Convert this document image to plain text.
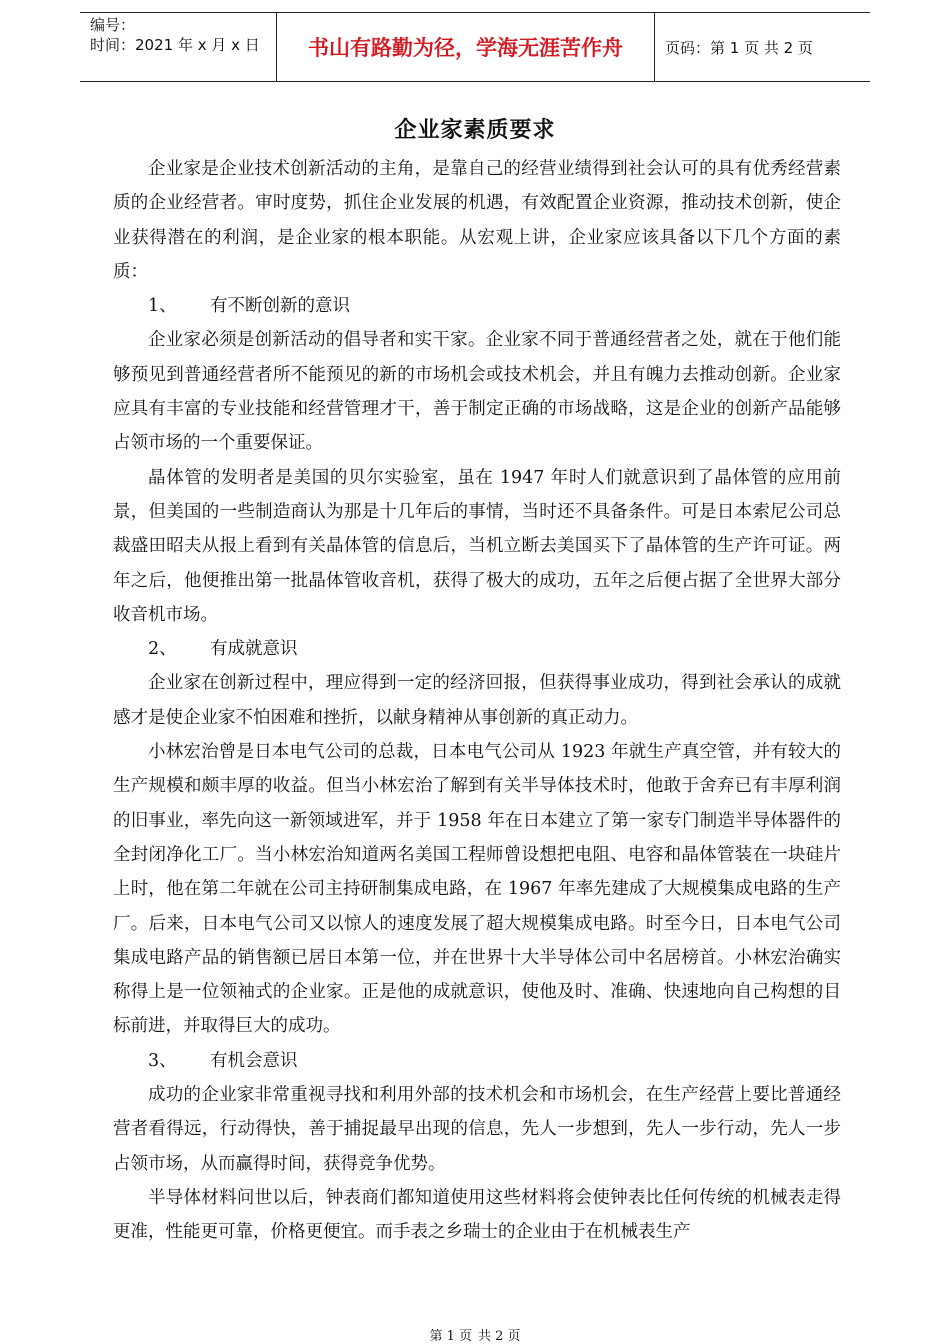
编号：
时间：2021 年 x 月 x 日	书山有路勤为径，学海无涯苦作舟	页码：第 1 页 共 2 页
企业家素质要求

企业家是企业技术创新活动的主角，是靠自己的经营业绩得到社会认可的具有优秀经营素质的企业经营者。审时度势，抓住企业发展的机遇，有效配置企业资源，推动技术创新，使企业获得潜在的利润，是企业家的根本职能。从宏观上讲，企业家应该具备以下几个方面的素质：

1、 有不断创新的意识

企业家必须是创新活动的倡导者和实干家。企业家不同于普通经营者之处，就在于他们能够预见到普通经营者所不能预见的新的市场机会或技术机会，并且有魄力去推动创新。企业家应具有丰富的专业技能和经营管理才干，善于制定正确的市场战略，这是企业的创新产品能够占领市场的一个重要保证。

晶体管的发明者是美国的贝尔实验室，虽在 1947 年时人们就意识到了晶体管的应用前景，但美国的一些制造商认为那是十几年后的事情，当时还不具备条件。可是日本索尼公司总裁盛田昭夫从报上看到有关晶体管的信息后，当机立断去美国买下了晶体管的生产许可证。两年之后，他便推出第一批晶体管收音机，获得了极大的成功，五年之后便占据了全世界大部分收音机市场。

2、 有成就意识

企业家在创新过程中，理应得到一定的经济回报，但获得事业成功，得到社会承认的成就感才是使企业家不怕困难和挫折，以献身精神从事创新的真正动力。

小林宏治曾是日本电气公司的总裁，日本电气公司从 1923 年就生产真空管，并有较大的生产规模和颇丰厚的收益。但当小林宏治了解到有关半导体技术时，他敢于舍弃已有丰厚利润的旧事业，率先向这一新领域进军，并于 1958 年在日本建立了第一家专门制造半导体器件的全封闭净化工厂。当小林宏治知道两名美国工程师曾设想把电阻、电容和晶体管装在一块硅片上时，他在第二年就在公司主持研制集成电路，在 1967 年率先建成了大规模集成电路的生产厂。后来，日本电气公司又以惊人的速度发展了超大规模集成电路。时至今日，日本电气公司集成电路产品的销售额已居日本第一位，并在世界十大半导体公司中名居榜首。小林宏治确实称得上是一位领袖式的企业家。正是他的成就意识，使他及时、准确、快速地向自己构想的目标前进，并取得巨大的成功。

3、 有机会意识

成功的企业家非常重视寻找和利用外部的技术机会和市场机会，在生产经营上要比普通经营者看得远，行动得快，善于捕捉最早出现的信息，先人一步想到，先人一步行动，先人一步占领市场，从而赢得时间，获得竞争优势。

半导体材料问世以后，钟表商们都知道使用这些材料将会使钟表比任何传统的机械表走得更准，性能更可靠，价格更便宜。而手表之乡瑞士的企业由于在机械表生产

第 1 页 共 2 页
